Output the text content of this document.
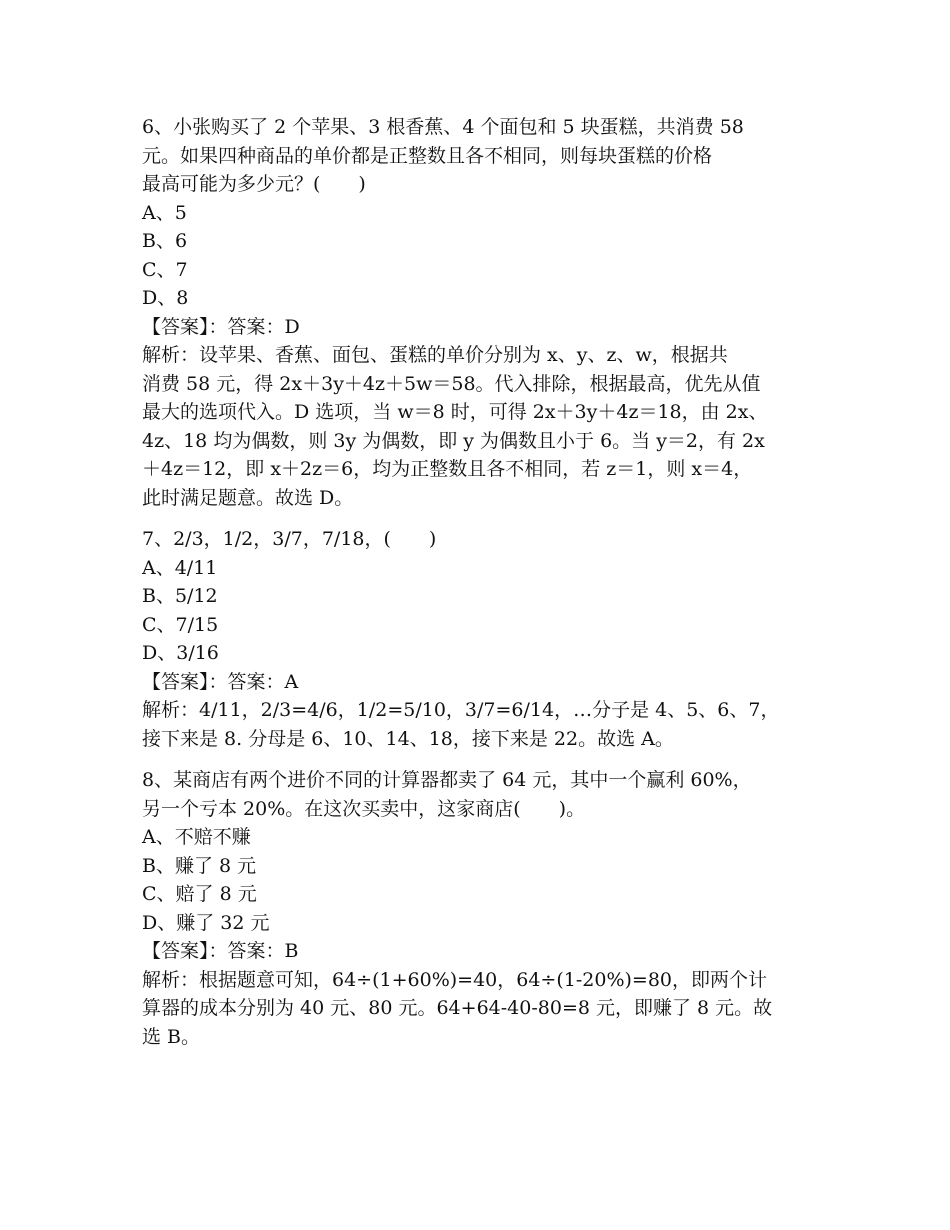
6、小张购买了 2 个苹果、3 根香蕉、4 个面包和 5 块蛋糕，共消费 58
元。如果四种商品的单价都是正整数且各不相同，则每块蛋糕的价格
最高可能为多少元？(　　)
A、5
B、6
C、7
D、8
【答案】：答案：D
解析：设苹果、香蕉、面包、蛋糕的单价分别为 x、y、z、w，根据共
消费 58 元，得 2x＋3y＋4z＋5w＝58。代入排除，根据最高，优先从值
最大的选项代入。D 选项，当 w＝8 时，可得 2x＋3y＋4z＝18，由 2x、
4z、18 均为偶数，则 3y 为偶数，即 y 为偶数且小于 6。当 y＝2，有 2x
＋4z＝12，即 x＋2z＝6，均为正整数且各不相同，若 z＝1，则 x＝4，
此时满足题意。故选 D。
7、2/3，1/2，3/7，7/18，(　　)
A、4/11
B、5/12
C、7/15
D、3/16
【答案】：答案：A
解析：4/11，2/3=4/6，1/2=5/10，3/7=6/14，…分子是 4、5、6、7，
接下来是 8. 分母是 6、10、14、18，接下来是 22。故选 A。
8、某商店有两个进价不同的计算器都卖了 64 元，其中一个赢利 60%，
另一个亏本 20%。在这次买卖中，这家商店(　　)。
A、不赔不赚
B、赚了 8 元
C、赔了 8 元
D、赚了 32 元
【答案】：答案：B
解析：根据题意可知，64÷(1+60%)=40，64÷(1-20%)=80，即两个计
算器的成本分别为 40 元、80 元。64+64-40-80=8 元，即赚了 8 元。故
选 B。
